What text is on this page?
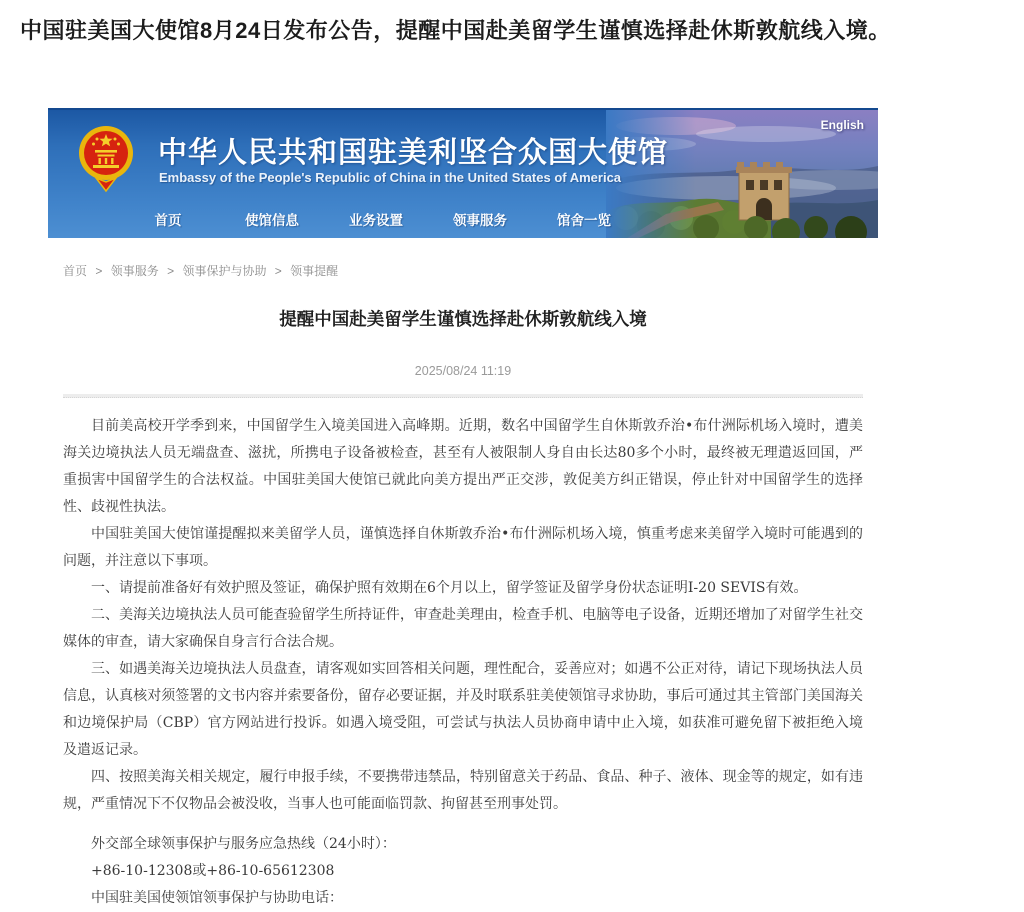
中国驻美国大使馆8月24日发布公告，提醒中国赴美留学生谨慎选择赴休斯敦航线入境。
中华人民共和国驻美利坚合众国大使馆
Embassy of the People's Republic of China in the United States of America
English
首页	使馆信息	业务设置	领事服务	馆舍一览
首页 > 领事服务 > 领事保护与协助 > 领事提醒
提醒中国赴美留学生谨慎选择赴休斯敦航线入境
2025/08/24 11:19

目前美高校开学季到来，中国留学生入境美国进入高峰期。近期，数名中国留学生自休斯敦乔治•布什洲际机场入境时，遭美海关边境执法人员无端盘查、滋扰，所携电子设备被检查，甚至有人被限制人身自由长达80多个小时，最终被无理遣返回国，严重损害中国留学生的合法权益。中国驻美国大使馆已就此向美方提出严正交涉，敦促美方纠正错误，停止针对中国留学生的选择性、歧视性执法。

中国驻美国大使馆谨提醒拟来美留学人员，谨慎选择自休斯敦乔治•布什洲际机场入境，慎重考虑来美留学入境时可能遇到的问题，并注意以下事项。

一、请提前准备好有效护照及签证，确保护照有效期在6个月以上，留学签证及留学身份状态证明I-20 SEVIS有效。

二、美海关边境执法人员可能查验留学生所持证件，审查赴美理由，检查手机、电脑等电子设备，近期还增加了对留学生社交媒体的审查，请大家确保自身言行合法合规。

三、如遇美海关边境执法人员盘查，请客观如实回答相关问题，理性配合，妥善应对；如遇不公正对待，请记下现场执法人员信息，认真核对须签署的文书内容并索要备份，留存必要证据，并及时联系驻美使领馆寻求协助，事后可通过其主管部门美国海关和边境保护局（CBP）官方网站进行投诉。如遇入境受阻，可尝试与执法人员协商申请中止入境，如获准可避免留下被拒绝入境及遣返记录。

四、按照美海关相关规定，履行申报手续，不要携带违禁品，特别留意关于药品、食品、种子、液体、现金等的规定，如有违规，严重情况下不仅物品会被没收，当事人也可能面临罚款、拘留甚至刑事处罚。

外交部全球领事保护与服务应急热线（24小时）：

+86-10-12308或+86-10-65612308

中国驻美国使领馆领事保护与协助电话：
